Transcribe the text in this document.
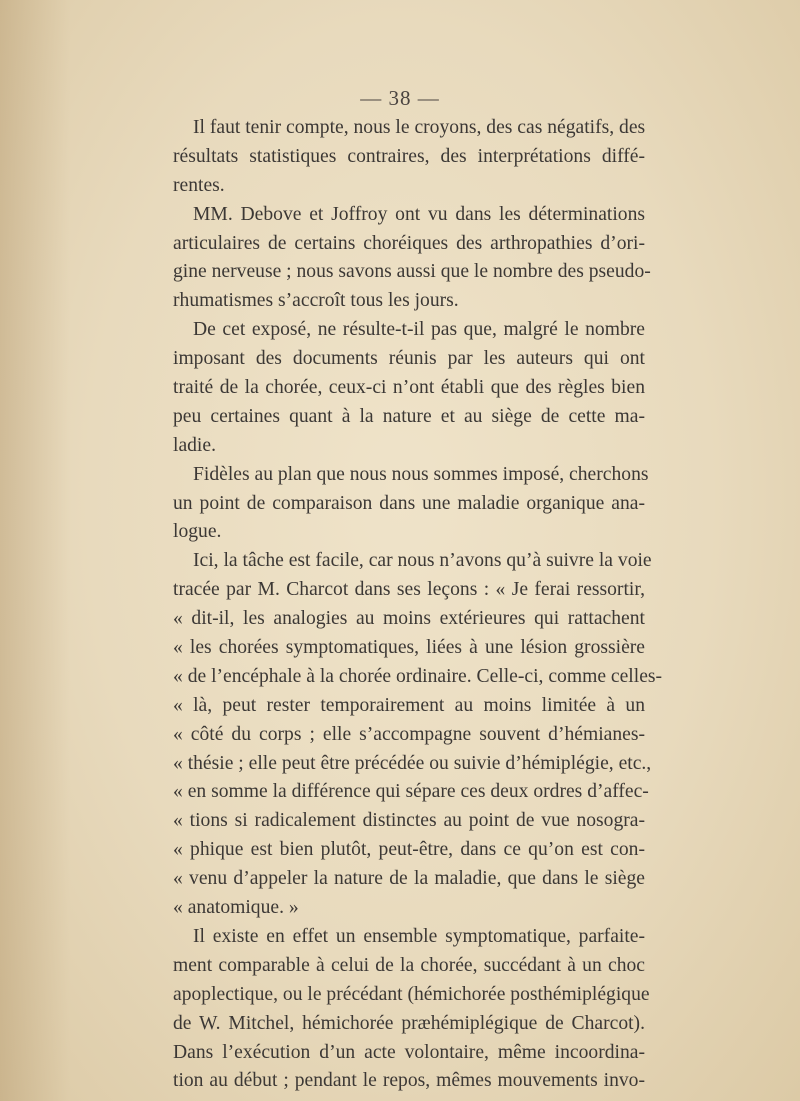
— 38 —
Il faut tenir compte, nous le croyons, des cas négatifs, des
résultats statistiques contraires, des interprétations diffé-
rentes.
MM. Debove et Joffroy ont vu dans les déterminations
articulaires de certains choréiques des arthropathies d’ori-
gine nerveuse ; nous savons aussi que le nombre des pseudo-
rhumatismes s’accroît tous les jours.
De cet exposé, ne résulte-t-il pas que, malgré le nombre
imposant des documents réunis par les auteurs qui ont
traité de la chorée, ceux-ci n’ont établi que des règles bien
peu certaines quant à la nature et au siège de cette ma-
ladie.
Fidèles au plan que nous nous sommes imposé, cherchons
un point de comparaison dans une maladie organique ana-
logue.
Ici, la tâche est facile, car nous n’avons qu’à suivre la voie
tracée par M. Charcot dans ses leçons : « Je ferai ressortir,
« dit-il, les analogies au moins extérieures qui rattachent
« les chorées symptomatiques, liées à une lésion grossière
« de l’encéphale à la chorée ordinaire. Celle-ci, comme celles-
« là, peut rester temporairement au moins limitée à un
« côté du corps ; elle s’accompagne souvent d’hémianes-
« thésie ; elle peut être précédée ou suivie d’hémiplégie, etc.,
« en somme la différence qui sépare ces deux ordres d’affec-
« tions si radicalement distinctes au point de vue nosogra-
« phique est bien plutôt, peut-être, dans ce qu’on est con-
« venu d’appeler la nature de la maladie, que dans le siège
« anatomique. »
Il existe en effet un ensemble symptomatique, parfaite-
ment comparable à celui de la chorée, succédant à un choc
apoplectique, ou le précédant (hémichorée posthémiplégique
de W. Mitchel, hémichorée præhémiplégique de Charcot).
Dans l’exécution d’un acte volontaire, même incoordina-
tion au début ; pendant le repos, mêmes mouvements invo-
